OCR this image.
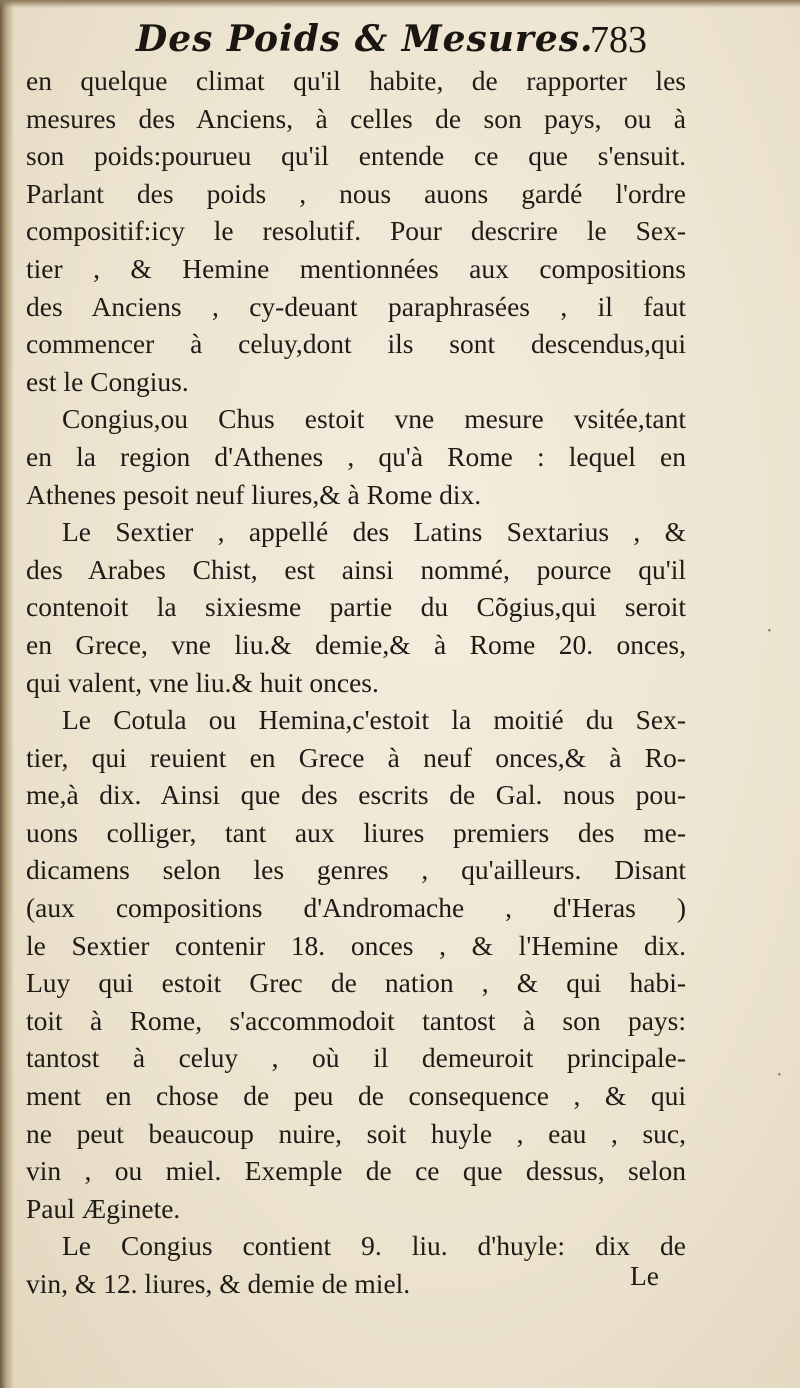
Des Poids & Mesures.
783
en quelque climat qu'il habite, de rapporter les
mesures des Anciens, à celles de son pays, ou à
son poids:pourueu qu'il entende ce que s'ensuit.
Parlant des poids , nous auons gardé l'ordre
compositif:icy le resolutif. Pour descrire le Sex-
tier , & Hemine mentionnées aux compositions
des Anciens , cy-deuant paraphrasées , il faut
commencer à celuy,dont ils sont descendus,qui
est le Congius.
Congius,ou Chus estoit vne mesure vsitée,tant
en la region d'Athenes , qu'à Rome : lequel en
Athenes pesoit neuf liures,& à Rome dix.
Le Sextier , appellé des Latins Sextarius , &
des Arabes Chist, est ainsi nommé, pource qu'il
contenoit la sixiesme partie du Cõgius,qui seroit
en Grece, vne liu.& demie,& à Rome 20. onces,
qui valent, vne liu.& huit onces.
Le Cotula ou Hemina,c'estoit la moitié du Sex-
tier, qui reuient en Grece à neuf onces,& à Ro-
me,à dix. Ainsi que des escrits de Gal. nous pou-
uons colliger, tant aux liures premiers des me-
dicamens selon les genres , qu'ailleurs. Disant
(aux compositions d'Andromache , d'Heras )
le Sextier contenir 18. onces , & l'Hemine dix.
Luy qui estoit Grec de nation , & qui habi-
toit à Rome, s'accommodoit tantost à son pays:
tantost à celuy , où il demeuroit principale-
ment en chose de peu de consequence , & qui
ne peut beaucoup nuire, soit huyle , eau , suc,
vin , ou miel. Exemple de ce que dessus, selon
Paul Æginete.
Le Congius contient 9. liu. d'huyle: dix de
vin, & 12. liures, & demie de miel.	Le
·
·
